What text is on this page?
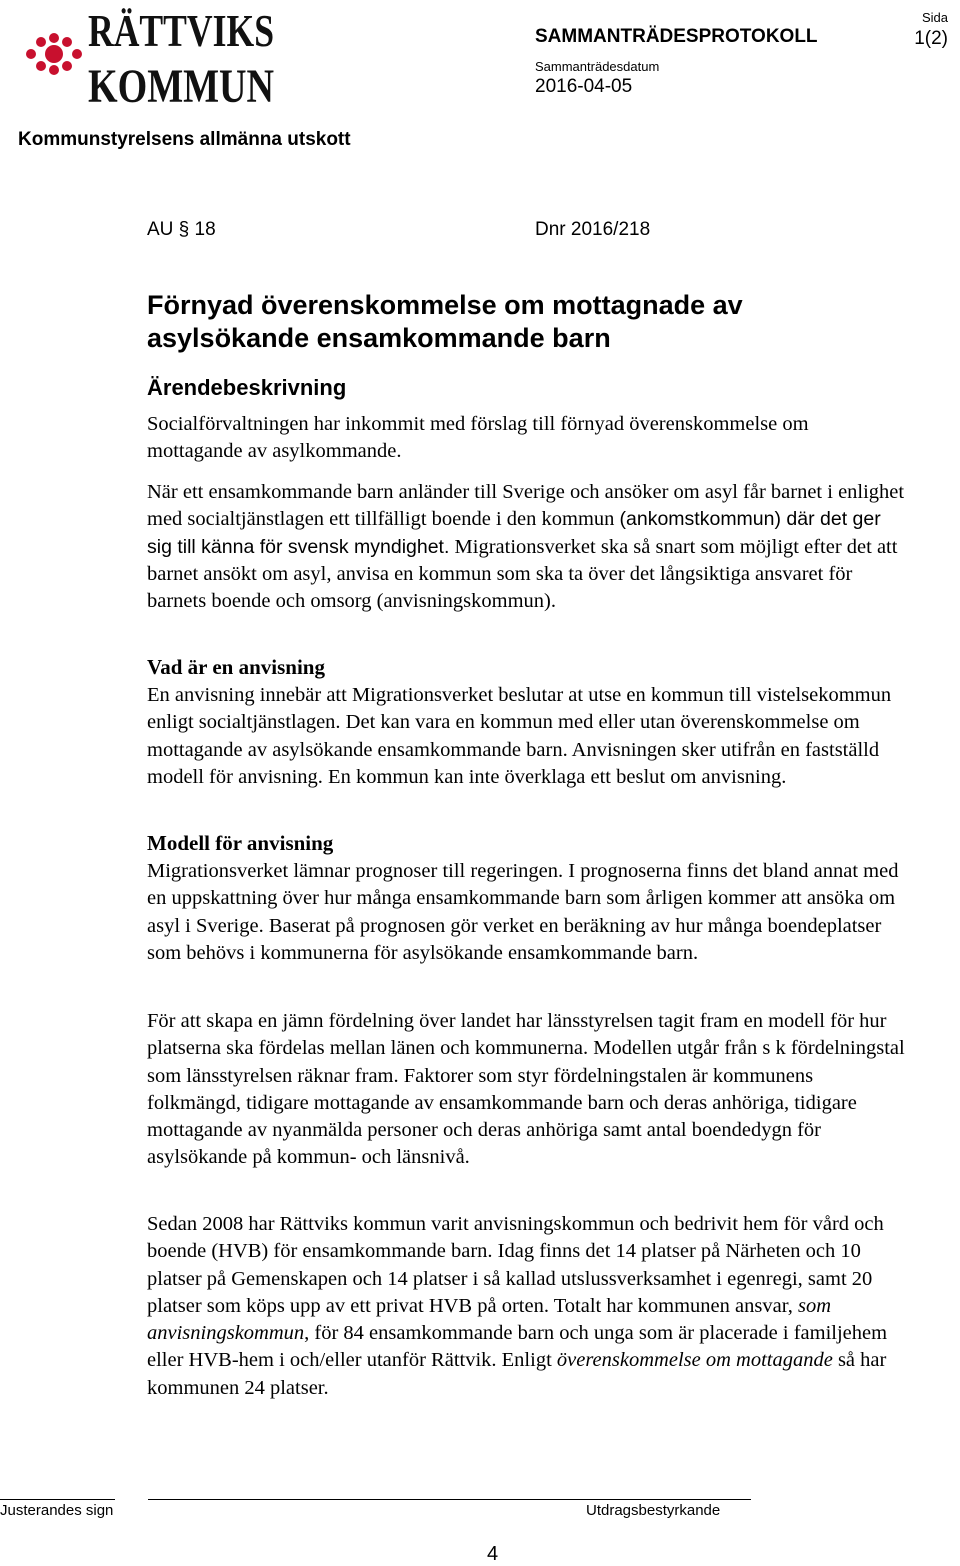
RÄTTVIKS
KOMMUN
Sida
1(2)
SAMMANTRÄDESPROTOKOLL
Sammanträdesdatum
2016-04-05
Kommunstyrelsens allmänna utskott
AU § 18	Dnr 2016/218
Förnyad överenskommelse om mottagnade av
asylsökande ensamkommande barn
Ärendebeskrivning

Socialförvaltningen har inkommit med förslag till förnyad överenskommelse om mottagande av asylkommande.

När ett ensamkommande barn anländer till Sverige och ansöker om asyl får barnet i enlighet med socialtjänstlagen ett tillfälligt boende i den kommun (ankomstkommun) där det ger sig till känna för svensk myndighet. Migrationsverket ska så snart som möjligt efter det att barnet ansökt om asyl, anvisa en kommun som ska ta över det långsiktiga ansvaret för barnets boende och omsorg (anvisningskommun).

Vad är en anvisning

En anvisning innebär att Migrationsverket beslutar at utse en kommun till vistelsekommun enligt socialtjänstlagen. Det kan vara en kommun med eller utan överenskommelse om mottagande av asylsökande ensamkommande barn. Anvisningen sker utifrån en fastställd modell för anvisning. En kommun kan inte överklaga ett beslut om anvisning.

Modell för anvisning

Migrationsverket lämnar prognoser till regeringen. I prognoserna finns det bland annat med en uppskattning över hur många ensamkommande barn som årligen kommer att ansöka om asyl i Sverige. Baserat på prognosen gör verket en beräkning av hur många boendeplatser som behövs i kommunerna för asylsökande ensamkommande barn.

För att skapa en jämn fördelning över landet har länsstyrelsen tagit fram en modell för hur platserna ska fördelas mellan länen och kommunerna. Modellen utgår från s k fördelningstal som länsstyrelsen räknar fram. Faktorer som styr fördelningstalen är kommunens folkmängd, tidigare mottagande av ensamkommande barn och deras anhöriga, tidigare mottagande av nyanmälda personer och deras anhöriga samt antal boendedygn för asylsökande på kommun- och länsnivå.

Sedan 2008 har Rättviks kommun varit anvisningskommun och bedrivit hem för vård och boende (HVB) för ensamkommande barn. Idag finns det 14 platser på Närheten och 10 platser på Gemenskapen och 14 platser i så kallad utslussverksamhet i egenregi, samt 20 platser som köps upp av ett privat HVB på orten. Totalt har kommunen ansvar, som anvisningskommun, för 84 ensamkommande barn och unga som är placerade i familjehem eller HVB-hem i och/eller utanför Rättvik. Enligt överenskommelse om mottagande så har kommunen 24 platser.

Justerandes sign	Utdragsbestyrkande
4
